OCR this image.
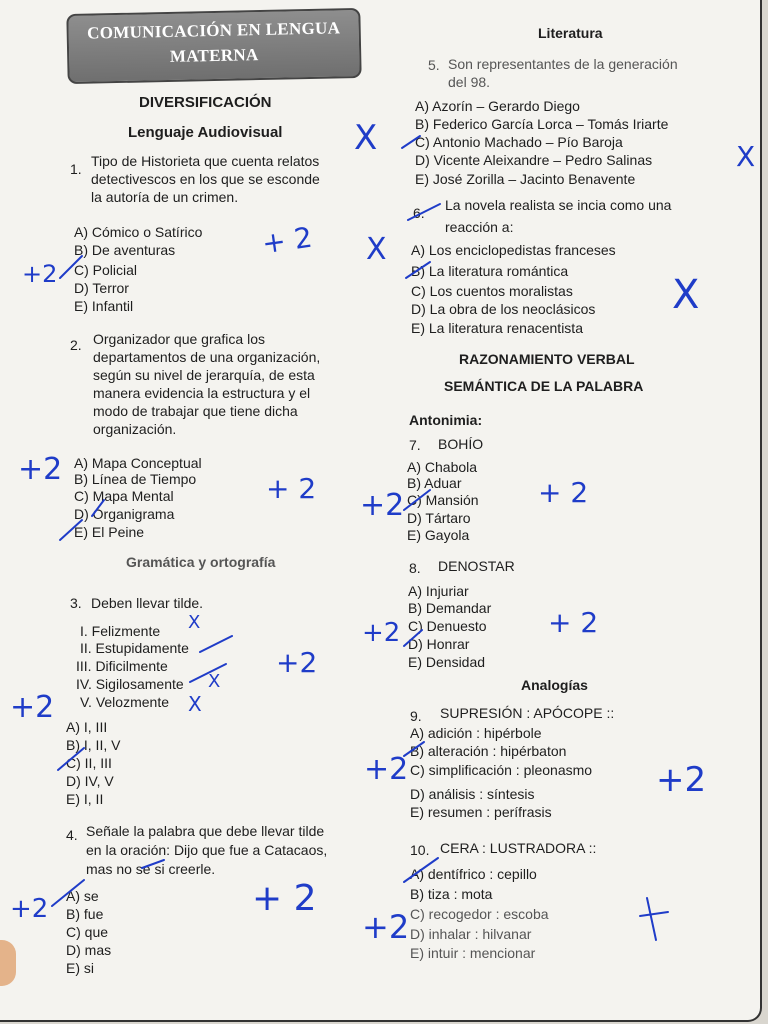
COMUNICACIÓN EN LENGUA
MATERNA
Literatura
DIVERSIFICACIÓN
Lenguaje Audiovisual
1. Tipo de Historieta que cuenta relatos
detectivescos en los que se esconde
la autoría de un crimen.
A) Cómico o Satírico
B) De aventuras
C) Policial
D) Terror
E) Infantil
2. Organizador que grafica los
departamentos de una organización,
según su nivel de jerarquía, de esta
manera evidencia la estructura y el
modo de trabajar que tiene dicha
organización.
A) Mapa Conceptual
B) Línea de Tiempo
C) Mapa Mental
D) Organigrama
E) El Peine
Gramática y ortografía
3. Deben llevar tilde.
I. Felizmente
II. Estupidamente
III. Dificilmente
IV. Sigilosamente
V. Velozmente
A) I, III
B) I, II, V
C) II, III
D) IV, V
E) I, II
4. Señale la palabra que debe llevar tilde
en la oración: Dijo que fue a Catacaos,
mas no se si creerle.
A) se
B) fue
C) que
D) mas
E) si
5. Son representantes de la generación
del 98.
A) Azorín – Gerardo Diego
B) Federico García Lorca – Tomás Iriarte
C) Antonio Machado – Pío Baroja
D) Vicente Aleixandre – Pedro Salinas
E) José Zorilla – Jacinto Benavente
6. La novela realista se incia como una
reacción a:
A) Los enciclopedistas franceses
B) La literatura romántica
C) Los cuentos moralistas
D) La obra de los neoclásicos
E) La literatura renacentista
RAZONAMIENTO VERBAL
SEMÁNTICA DE LA PALABRA
Antonimia:
7. BOHÍO
A) Chabola
B) Aduar
C) Mansión
D) Tártaro
E) Gayola
8. DENOSTAR
A) Injuriar
B) Demandar
C) Denuesto
D) Honrar
E) Densidad
Analogías
9. SUPRESIÓN : APÓCOPE ::
A) adición : hipérbole
B) alteración : hipérbaton
C) simplificación : pleonasmo
D) análisis : síntesis
E) resumen : perífrasis
10. CERA : LUSTRADORA ::
A) dentífrico : cepillo
B) tiza : mota
C) recogedor : escoba
D) inhalar : hilvanar
E) intuir : mencionar
+ 2
+2
X
X
X
X
+2
+ 2 +2	+ 2
+ 2
+2
+2
+2
+2	+2
+ 2
+2	+2
X
X
X
